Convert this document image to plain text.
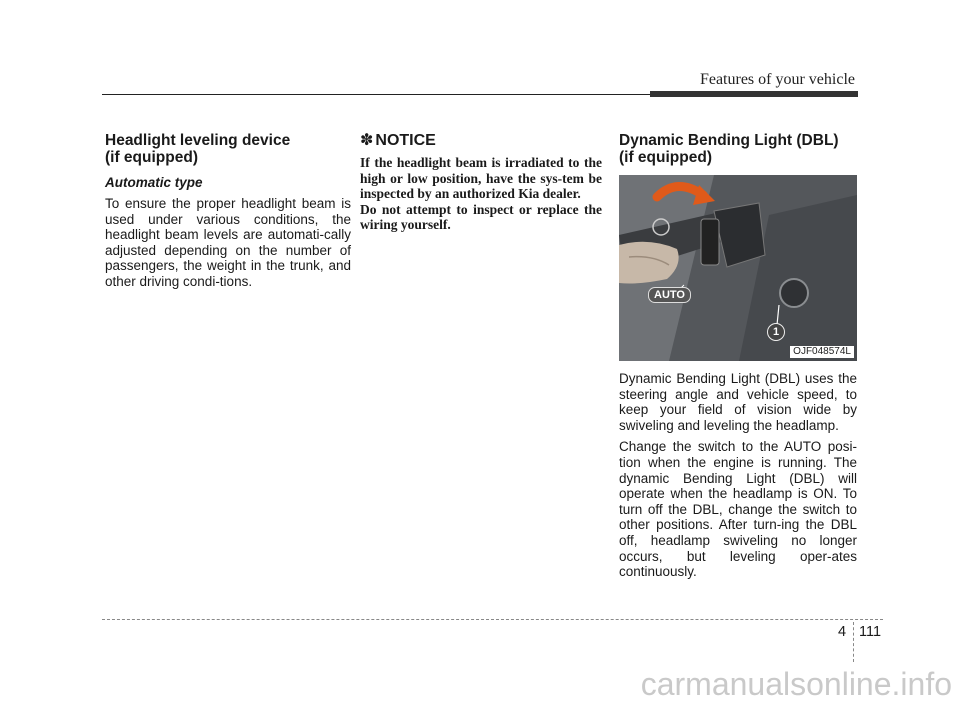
Features of your vehicle
Headlight leveling device
(if equipped)
Automatic type

To ensure the proper headlight beam is used under various conditions, the headlight beam levels are automati-cally adjusted depending on the number of passengers, the weight in the trunk, and other driving condi-tions.

✽ NOTICE

If the headlight beam is irradiated to the high or low position, have the sys-tem be inspected by an authorized Kia dealer.
Do not attempt to inspect or replace the wiring yourself.

Dynamic Bending Light (DBL)
(if equipped)
AUTO
1
OJF048574L

Dynamic Bending Light (DBL) uses the steering angle and vehicle speed, to keep your field of vision wide by swiveling and leveling the headlamp.

Change the switch to the AUTO posi-tion when the engine is running. The dynamic Bending Light (DBL) will operate when the headlamp is ON. To turn off the DBL, change the switch to other positions. After turn-ing the DBL off, headlamp swiveling no longer occurs, but leveling oper-ates continuously.

4 111
carmanualsonline.info
